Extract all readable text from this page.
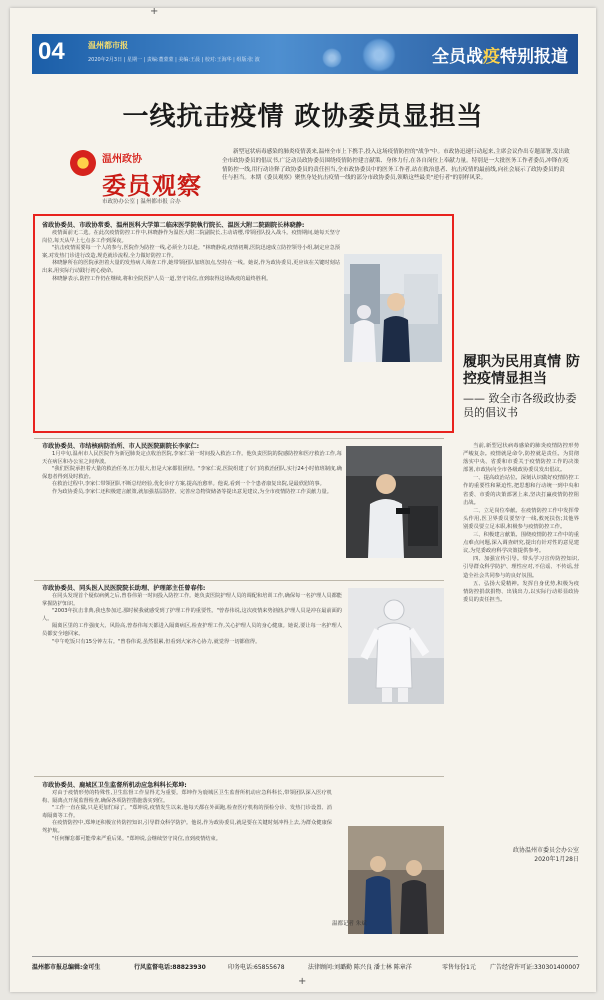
04	温州都市报
2020年2月3日 | 星期一 | 责编:董蒙蒙 | 美编:王晨 | 校对:王海华 | 组版:张 波	全员战疫特别报道
一线抗击疫情 政协委员显担当
温州政协
委员观察
市政协办公室 | 温州都市报 合办
新型冠状病毒感染的肺炎疫情袭来,温州全市上下携手,投入这场疫情防控的"战争"中。市政协迅速行动起来,主席会议作出专题部署,发出致全市政协委员的倡议书,广泛动员政协委员围绕疫情防控建言献策、身体力行,在各自岗位上奉献力量。特别是一大批医务工作者委员,冲锋在疫情防控一线,用行动诠释了政协委员的责任担当,全市政协委员中的医务工作者,站在救治患者、抗击疫情的最前线,向社会展示了政协委员的责任与担当。本期《委员观察》聚焦身处抗击疫情一线的部分市政协委员,领略这些最美"逆行者"的别样风采。
省政协委员、市政协常委、温州医科大学第二临床医学院執行院长、温医大附二院副院长林晓静:

疫情面前无二选。在此次疫情防控工作中,林晓静作为温医大附二院副院长,主动请缨,带领团队投入战斗。疫情期间,她每天坚守岗位,每天从早上七点多工作到深夜。

"抗击疫情需要每一个人的参与,医院作为防控一线,必须全力以赴。"林晓静说,疫情初期,医院迅速成立防控领导小组,制定应急预案,对发热门诊进行改造,规范就诊流程,全力做好防控工作。

林晓静所在的医院承担着大量的发热病人筛查工作,她带领团队加班加点,坚持在一线。她说,作为政协委员,更应该在关键时刻站出来,用实际行动践行初心使命。

林晓静表示,防控工作仍在继续,将和全院医护人员一道,坚守岗位,直到取得这场战疫的最终胜利。

履职为民用真情 防控疫情显担当
—— 致全市各级政协委员的倡议书

当前,新型冠状病毒感染的肺炎疫情防控形势严峻复杂。疫情就是命令,防控就是责任。为贯彻落实中央、省委和市委关于疫情防控工作的决策部署,市政协向全市各级政协委员发出倡议。

一、提高政治站位。深刻认识做好疫情防控工作的重要性和紧迫性,把思想和行动统一到中央和省委、市委的决策部署上来,坚决打赢疫情防控阻击战。

二、立足岗位奉献。在疫情防控工作中发挥带头作用,医卫界委员要坚守一线,救死扶伤;其他界别委员要立足本职,积极参与疫情防控工作。

三、积极建言献策。围绕疫情防控工作中的重点难点问题,深入调查研究,提出有针对性的意见建议,为党委政府科学决策提供参考。

四、加强宣传引导。带头学习宣传防控知识,引导群众科学防护、理性应对,不信谣、不传谣,营造全社会共同参与的良好氛围。

五、弘扬大爱精神。发挥自身优势,积极为疫情防控捐款捐物、出钱出力,以实际行动彰显政协委员的责任担当。

政协温州市委员会办公室
2020年1月28日
市政协委员、市结核病防治所、市人民医院副院长李家仁:

1月中旬,温州市人民医院作为新冠肺炎定点收治医院,李家仁第一时间投入救治工作。他负责医院的院感防控和医疗救治工作,每天在病区和办公室之间奔波。

"我们医院承担着大量的救治任务,压力很大,但是大家都很团结。"李家仁说,医院组建了专门的救治团队,实行24小时值班制度,确保患者得到及时救治。

在救治过程中,李家仁带领团队不断总结经验,优化诊疗方案,提高治愈率。他说,看到一个个患者康复出院,是最欣慰的事。

作为政协委员,李家仁还积极建言献策,就加强基层防控、完善应急物资储备等提出意见建议,为全市疫情防控工作贡献力量。

市政协委员、同头医人民医院院长助理、护理部主任曾春伟:

在同头发现首个疑似病例之后,曾春伟第一时间投入防控工作。她负责医院护理人员的调配和培训工作,确保每一名护理人员都能掌握防护知识。

"2003年抗击非典,我也参加过,那时候我就感受到了护理工作的重要性。"曾春伟说,这次疫情来势汹汹,护理人员是冲在最前面的人。

隔离区里的工作强度大、风险高,曾春伟每天都进入隔离病区,检查护理工作,关心护理人员的身心健康。她说,要让每一名护理人员都安全地回家。

"中午吃饭只有15分钟左右。"曾春伟说,虽然很累,但看到大家齐心协力,就觉得一切都值得。

市政协委员、鹿城区卫生监督所机动应急科科长郑坤:

对由于疫情形势的特殊性,卫生监督工作显得尤为重要。郑坤作为鹿城区卫生监督所机动应急科科长,带领团队深入医疗机构、隔离点开展监督检查,确保各项防控措施落实到位。

"工作一直在做,只是更加忙碌了。"郑坤说,疫情发生以来,他每天都在外面跑,检查医疗机构的预检分诊、发热门诊设置、消毒隔离等工作。

在疫情防控中,郑坤还积极宣传防控知识,引导群众科学防护。他说,作为政协委员,就是要在关键时刻冲得上去,为群众健康保驾护航。

"任何懈怠都可能带来严重后果。"郑坤说,会继续坚守岗位,直到疫情结束。

温都记者 朱斌
温州都市报总编辑:金可生	行风监督电话:88823930	印务电话:65855678	法律顾问:刘璐勤 陈兴良 潘士林 陈章洋	零售每份1元 广告经营许可证:330301400007
+
+
